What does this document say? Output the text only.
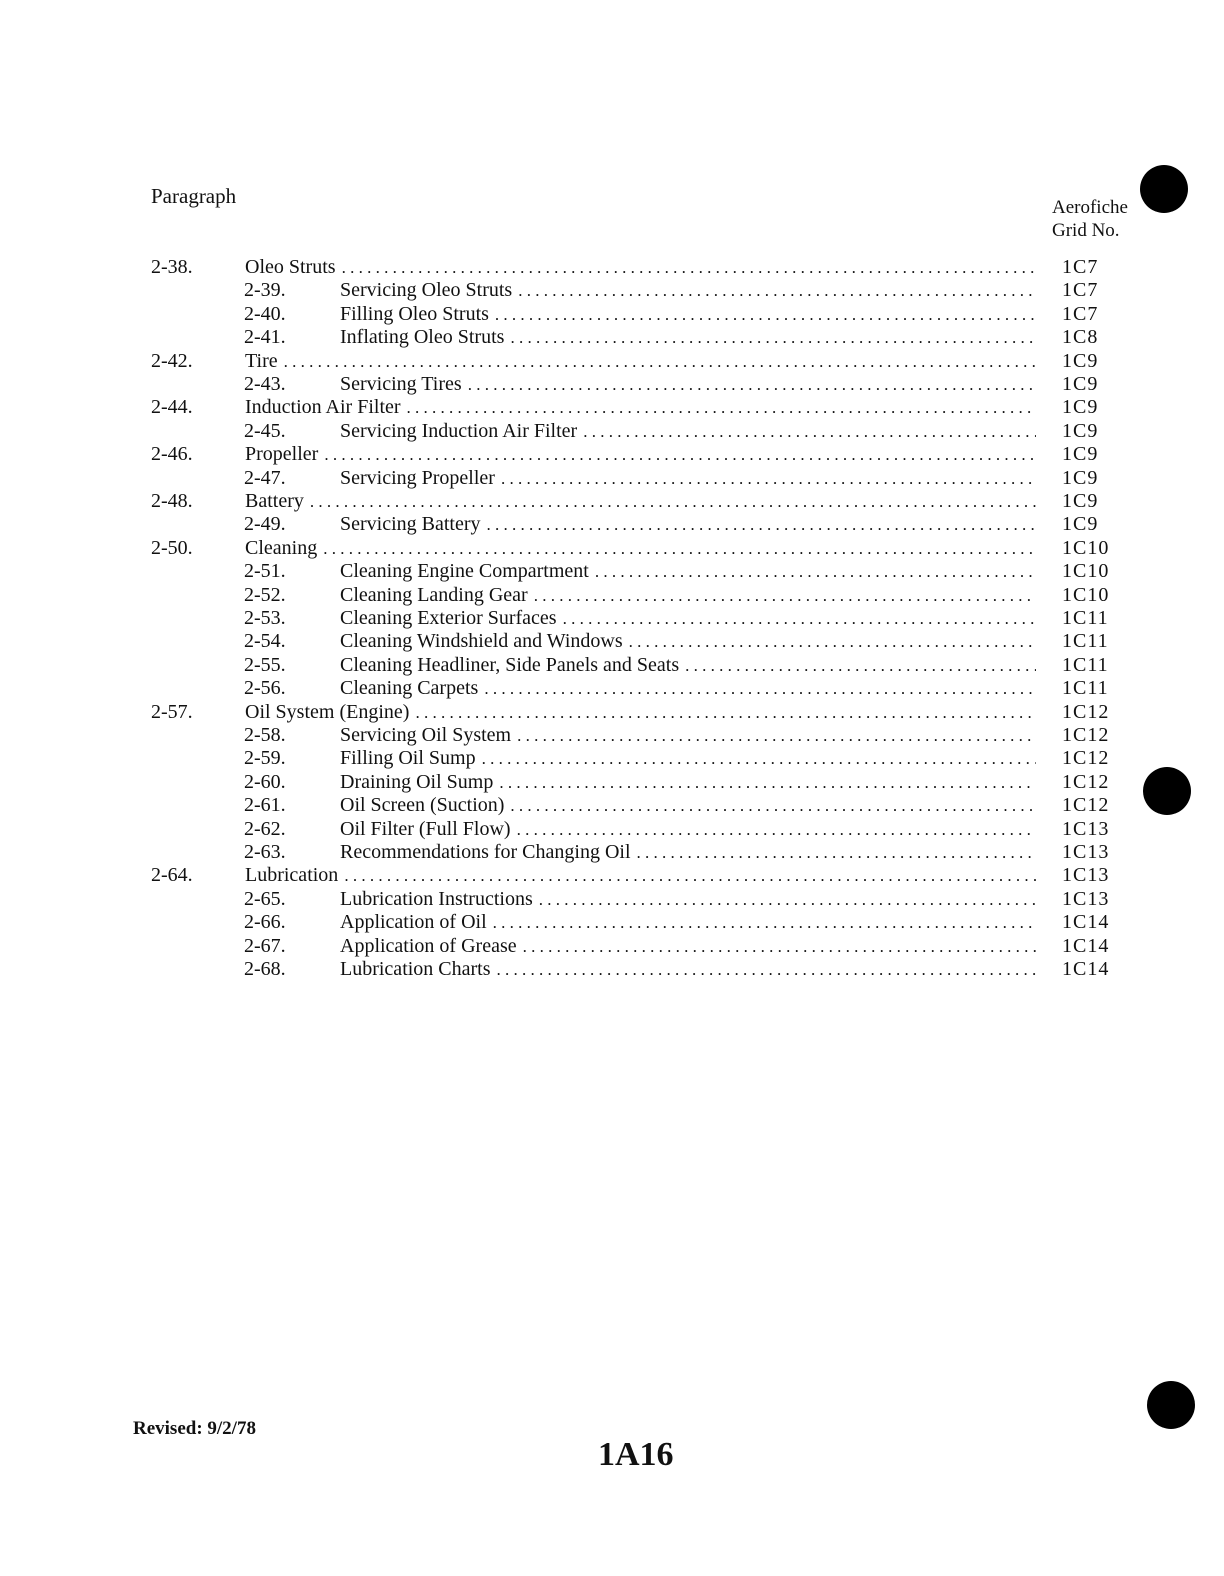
Paragraph	Aerofiche
Grid No.
2-38.	Oleo Struts . . .	1C7
2-39.	Servicing Oleo Struts . . .	1C7
2-40.	Filling Oleo Struts . . .	1C7
2-41.	Inflating Oleo Struts . . .	1C8
2-42.	Tire . . .	1C9
2-43.	Servicing Tires . . .	1C9
2-44.	Induction Air Filter . . .	1C9
2-45.	Servicing Induction Air Filter . . .	1C9
2-46.	Propeller . . .	1C9
2-47.	Servicing Propeller . . .	1C9
2-48.	Battery . . .	1C9
2-49.	Servicing Battery . . .	1C9
2-50.	Cleaning . . .	1C10
2-51.	Cleaning Engine Compartment . . .	1C10
2-52.	Cleaning Landing Gear . . .	1C10
2-53.	Cleaning Exterior Surfaces . . .	1C11
2-54.	Cleaning Windshield and Windows . . .	1C11
2-55.	Cleaning Headliner, Side Panels and Seats . . .	1C11
2-56.	Cleaning Carpets . . .	1C11
2-57.	Oil System (Engine) . . .	1C12
2-58.	Servicing Oil System . . .	1C12
2-59.	Filling Oil Sump . . .	1C12
2-60.	Draining Oil Sump . . .	1C12
2-61.	Oil Screen (Suction) . . .	1C12
2-62.	Oil Filter (Full Flow) . . .	1C13
2-63.	Recommendations for Changing Oil . . .	1C13
2-64.	Lubrication . . .	1C13
2-65.	Lubrication Instructions . . .	1C13
2-66.	Application of Oil . . .	1C14
2-67.	Application of Grease . . .	1C14
2-68.	Lubrication Charts . . .	1C14
Revised: 9/2/78
1A16
